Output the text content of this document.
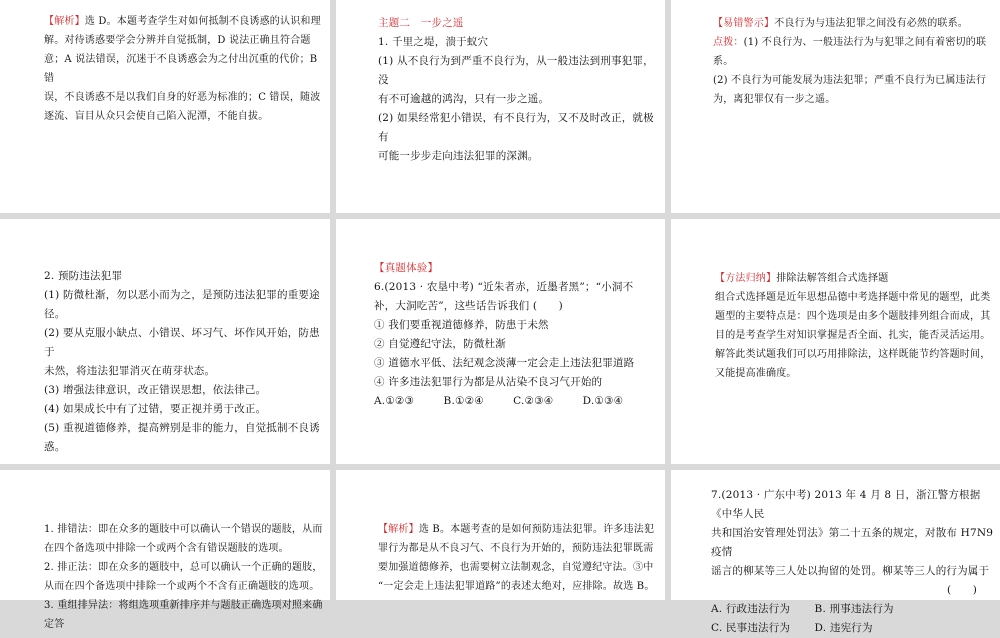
【解析】选 D。本题考查学生对如何抵制不良诱惑的认识和理
解。对待诱惑要学会分辨并自觉抵制，D 说法正确且符合题
意；A 说法错误，沉迷于不良诱惑会为之付出沉重的代价；B 错
误，不良诱惑不是以我们自身的好恶为标准的；C 错误，随波
逐流、盲目从众只会使自己陷入泥潭，不能自拔。
主题二　一步之遥
1. 千里之堤，溃于蚁穴
(1) 从不良行为到严重不良行为，从一般违法到刑事犯罪，没
有不可逾越的鸿沟，只有一步之遥。
(2) 如果经常犯小错误，有不良行为，又不及时改正，就极有
可能一步步走向违法犯罪的深渊。
【易错警示】不良行为与违法犯罪之间没有必然的联系。
点拨：(1) 不良行为、一般违法行为与犯罪之间有着密切的联
系。
(2) 不良行为可能发展为违法犯罪；严重不良行为已属违法行
为，离犯罪仅有一步之遥。
2. 预防违法犯罪
(1) 防微杜渐，勿以恶小而为之，是预防违法犯罪的重要途径。
(2) 要从克服小缺点、小错误、坏习气、坏作风开始，防患于
未然，将违法犯罪消灭在萌芽状态。
(3) 增强法律意识，改正错误思想，依法律己。
(4) 如果成长中有了过错，要正视并勇于改正。
(5) 重视道德修养，提高辨别是非的能力，自觉抵制不良诱惑。
【真题体验】
6.(2013 · 农垦中考) “近朱者赤，近墨者黑”；“小洞不
补，大洞吃苦”，这些话告诉我们 (　　)
① 我们要重视道德修养，防患于未然
② 自觉遵纪守法，防微杜渐
③ 道德水平低、法纪观念淡薄一定会走上违法犯罪道路
④ 许多违法犯罪行为都是从沾染不良习气开始的
A.①②③	B.①②④	C.②③④	D.①③④
【方法归纳】排除法解答组合式选择题
组合式选择题是近年思想品德中考选择题中常见的题型，此类
题型的主要特点是：四个选项是由多个题肢排列组合而成，其
目的是考查学生对知识掌握是否全面、扎实，能否灵活运用。
解答此类试题我们可以巧用排除法，这样既能节约答题时间，
又能提高准确度。
1. 排错法：即在众多的题肢中可以确认一个错误的题肢，从而
在四个备选项中排除一个或两个含有错误题肢的选项。
2. 排正法：即在众多的题肢中，总可以确认一个正确的题肢，
从而在四个备选项中排除一个或两个不含有正确题肢的选项。
3. 重组排异法：将组选项重新排序并与题肢正确选项对照来确定答
【解析】选 B。本题考查的是如何预防违法犯罪。许多违法犯
罪行为都是从不良习气、不良行为开始的，预防违法犯罪既需
要加强道德修养，也需要树立法制观念，自觉遵纪守法。③中
“一定会走上违法犯罪道路”的表述太绝对，应排除。故选 B。
7.(2013 · 广东中考) 2013 年 4 月 8 日，浙江警方根据《中华人民
共和国治安管理处罚法》第二十五条的规定，对散布 H7N9 疫情
谣言的柳某等三人处以拘留的处罚。柳某等三人的行为属于
(　　)
A. 行政违法行为 B. 刑事违法行为
C. 民事违法行为 D. 违宪行为
